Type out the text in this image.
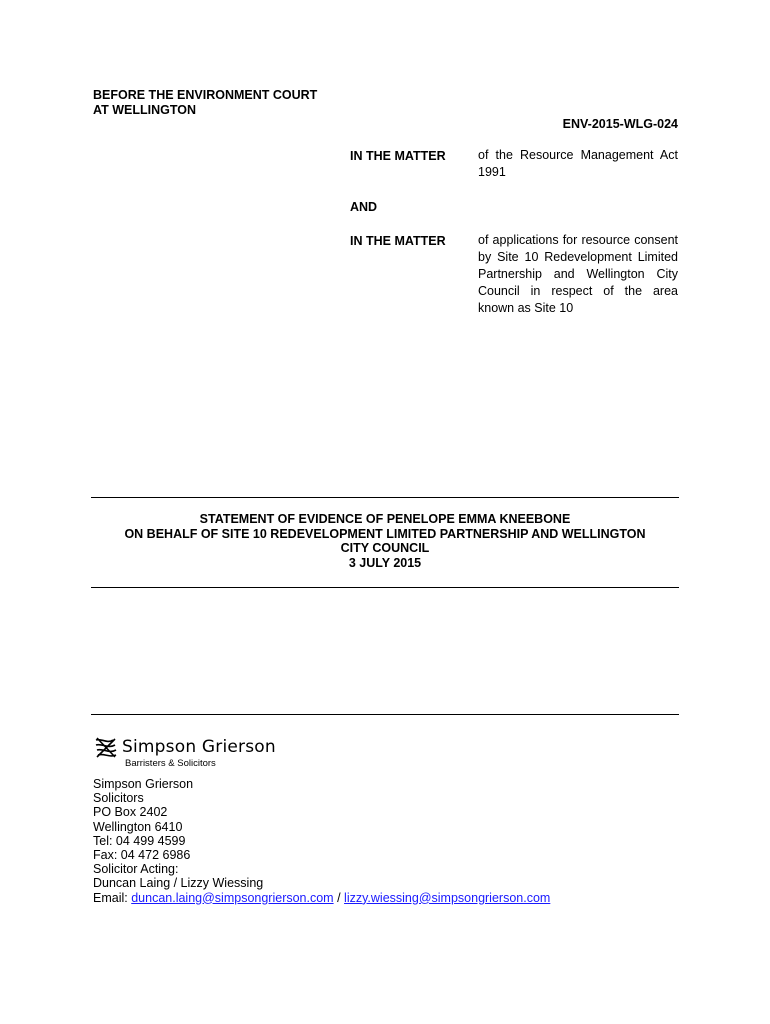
BEFORE THE ENVIRONMENT COURT
AT WELLINGTON
ENV-2015-WLG-024
IN THE MATTER	of the Resource Management Act 1991
AND
IN THE MATTER	of applications for resource consent by Site 10 Redevelopment Limited Partnership and Wellington City Council in respect of the area known as Site 10
STATEMENT OF EVIDENCE OF PENELOPE EMMA KNEEBONE
ON BEHALF OF SITE 10 REDEVELOPMENT LIMITED PARTNERSHIP AND WELLINGTON
CITY COUNCIL
3 JULY 2015
Simpson Grierson
Barristers & Solicitors
Simpson Grierson
Solicitors
PO Box 2402
Wellington 6410
Tel: 04 499 4599
Fax: 04 472 6986
Solicitor Acting:
Duncan Laing / Lizzy Wiessing
Email: duncan.laing@simpsongrierson.com / lizzy.wiessing@simpsongrierson.com
